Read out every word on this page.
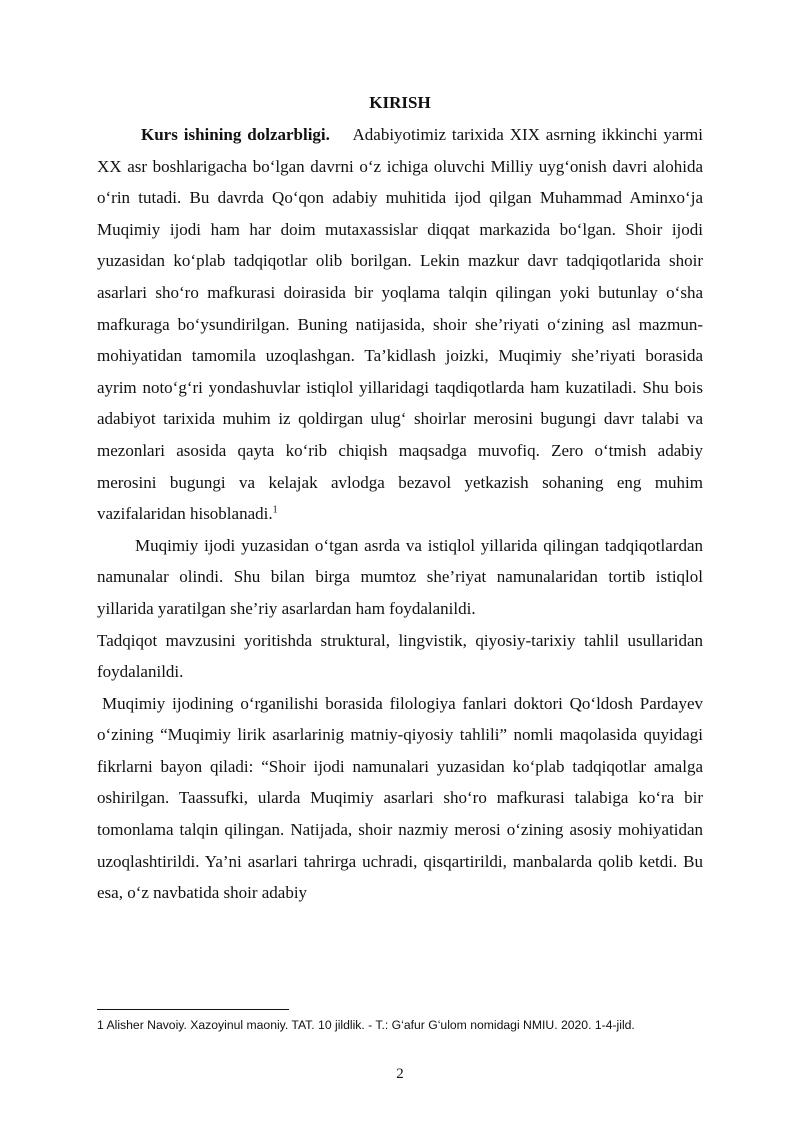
KIRISH

Kurs ishining dolzarbligi. Adabiyotimiz tarixida XIX asrning ikkinchi yarmi XX asr boshlarigacha bo‘lgan davrni o‘z ichiga oluvchi Milliy uyg‘onish davri alohida o‘rin tutadi. Bu davrda Qo‘qon adabiy muhitida ijod qilgan Muhammad Aminxo‘ja Muqimiy ijodi ham har doim mutaxassislar diqqat markazida bo‘lgan. Shoir ijodi yuzasidan ko‘plab tadqiqotlar olib borilgan. Lekin mazkur davr tadqiqotlarida shoir asarlari sho‘ro mafkurasi doirasida bir yoqlama talqin qilingan yoki butunlay o‘sha mafkuraga bo‘ysundirilgan. Buning natijasida, shoir she’riyati o‘zining asl mazmun-mohiyatidan tamomila uzoqlashgan. Ta’kidlash joizki, Muqimiy she’riyati borasida ayrim noto‘g‘ri yondashuvlar istiqlol yillaridagi taqdiqotlarda ham kuzatiladi. Shu bois adabiyot tarixida muhim iz qoldirgan ulug‘ shoirlar merosini bugungi davr talabi va mezonlari asosida qayta ko‘rib chiqish maqsadga muvofiq. Zero o‘tmish adabiy merosini bugungi va kelajak avlodga bezavol yetkazish sohaning eng muhim vazifalaridan hisoblanadi.$^1$

Muqimiy ijodi yuzasidan o‘tgan asrda va istiqlol yillarida qilingan tadqiqotlardan namunalar olindi. Shu bilan birga mumtoz she’riyat namunalaridan tortib istiqlol yillarida yaratilgan she’riy asarlardan ham foydalanildi.

Tadqiqot mavzusini yoritishda struktural, lingvistik, qiyosiy-tarixiy tahlil usullaridan foydalanildi.

Muqimiy ijodining o‘rganilishi borasida filologiya fanlari doktori Qo‘ldosh Pardayev o‘zining “Muqimiy lirik asarlarinig matniy-qiyosiy tahlili” nomli maqolasida quyidagi fikrlarni bayon qiladi: “Shoir ijodi namunalari yuzasidan ko‘plab tadqiqotlar amalga oshirilgan. Taassufki, ularda Muqimiy asarlari sho‘ro mafkurasi talabiga ko‘ra bir tomonlama talqin qilingan. Natijada, shoir nazmiy merosi o‘zining asosiy mohiyatidan uzoqlashtirildi. Ya’ni asarlari tahrirga uchradi, qisqartirildi, manbalarda qolib ketdi. Bu esa, o‘z navbatida shoir adabiy

1 Alisher Navoiy. Xazoyinul maoniy. TAT. 10 jildlik. - T.: G‘afur G‘ulom nomidagi NMIU. 2020. 1-4-jild.
2
